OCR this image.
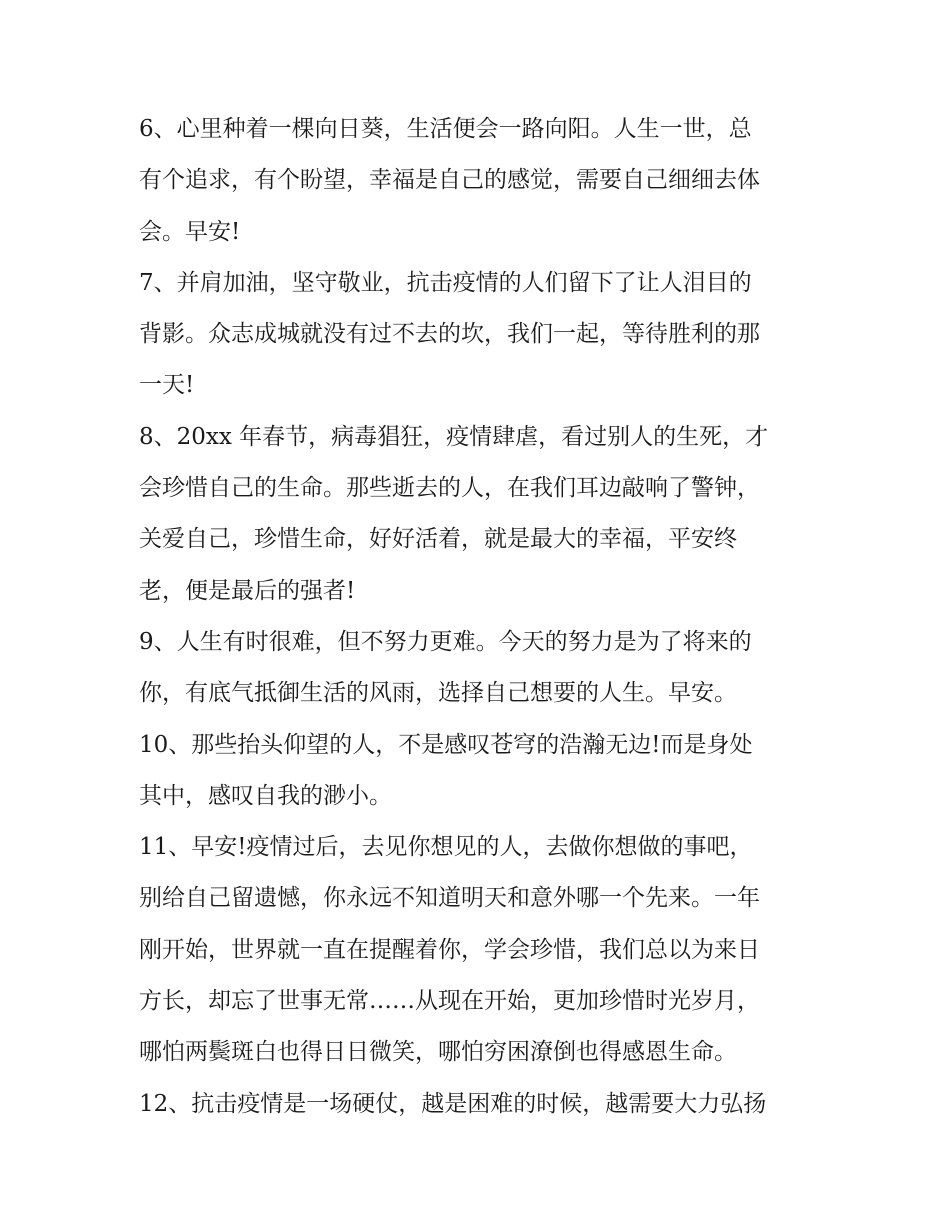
6、心里种着一棵向日葵，生活便会一路向阳。人生一世，总
有个追求，有个盼望，幸福是自己的感觉，需要自己细细去体
会。早安!

7、并肩加油，坚守敬业，抗击疫情的人们留下了让人泪目的
背影。众志成城就没有过不去的坎，我们一起，等待胜利的那
一天!

8、20xx 年春节，病毒猖狂，疫情肆虐，看过别人的生死，才
会珍惜自己的生命。那些逝去的人，在我们耳边敲响了警钟，
关爱自己，珍惜生命，好好活着，就是最大的幸福，平安终
老，便是最后的强者!

9、人生有时很难，但不努力更难。今天的努力是为了将来的
你，有底气抵御生活的风雨，选择自己想要的人生。早安。

10、那些抬头仰望的人，不是感叹苍穹的浩瀚无边!而是身处
其中，感叹自我的渺小。

11、早安!疫情过后，去见你想见的人，去做你想做的事吧，
别给自己留遗憾，你永远不知道明天和意外哪一个先来。一年
刚开始，世界就一直在提醒着你，学会珍惜，我们总以为来日
方长，却忘了世事无常……从现在开始，更加珍惜时光岁月，
哪怕两鬓斑白也得日日微笑，哪怕穷困潦倒也得感恩生命。

12、抗击疫情是一场硬仗，越是困难的时候，越需要大力弘扬
